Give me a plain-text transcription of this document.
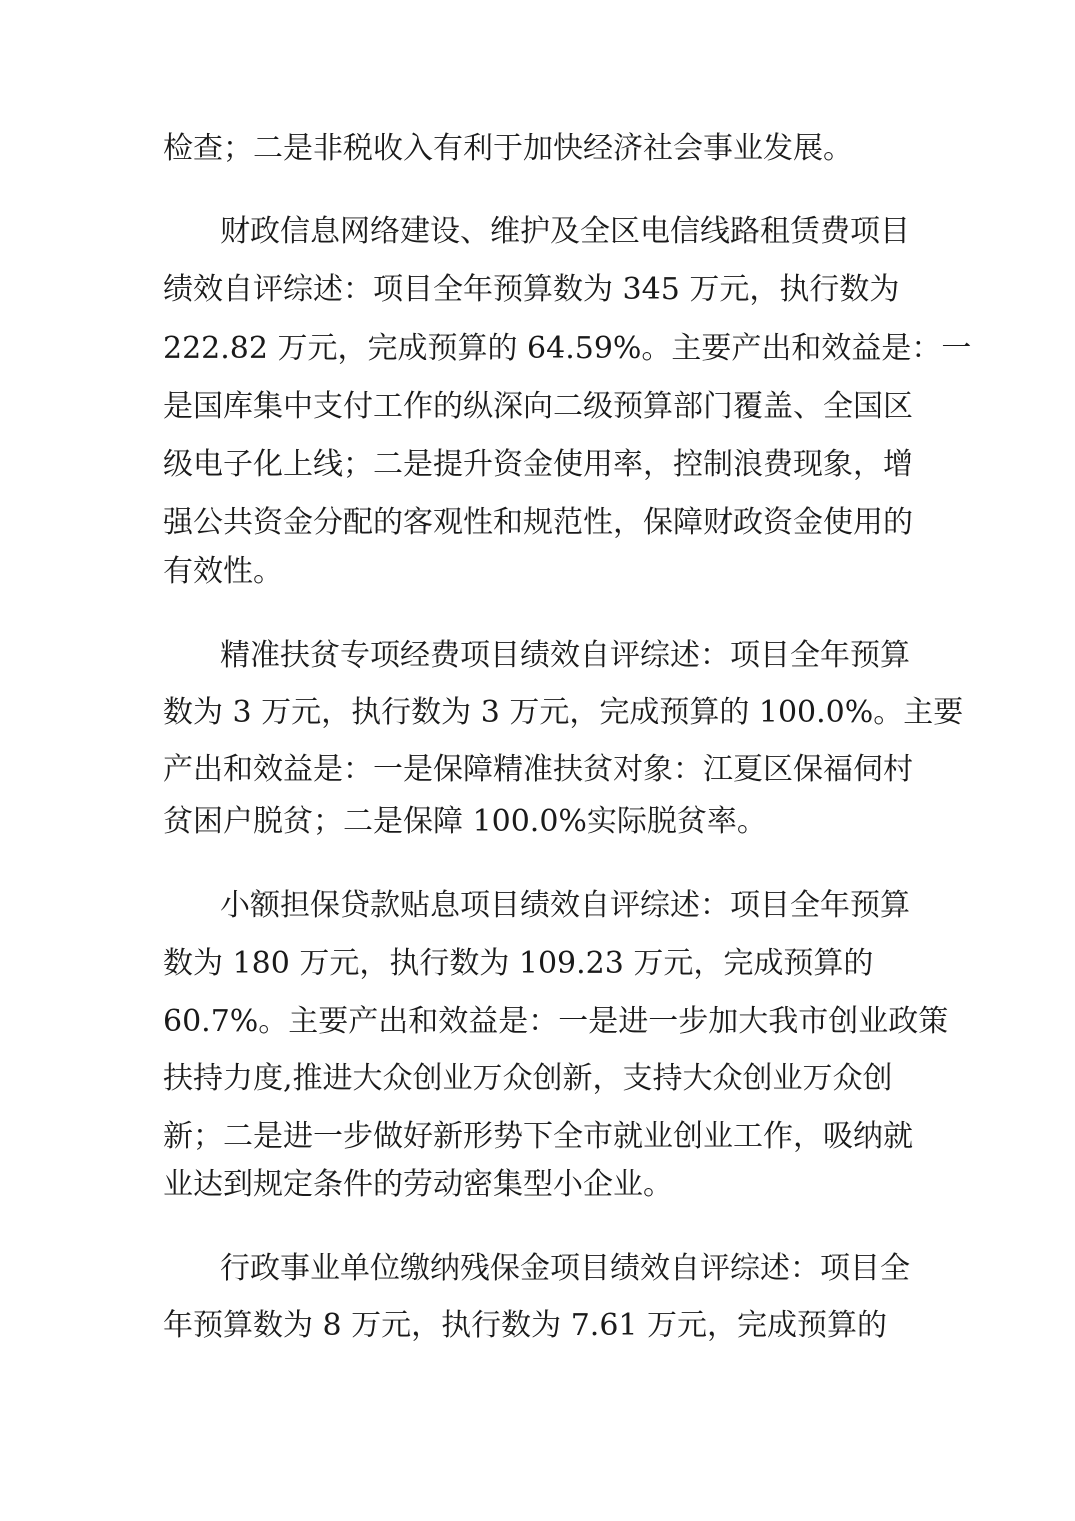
检查；二是非税收入有利于加快经济社会事业发展。
财政信息网络建设、维护及全区电信线路租赁费项目
绩效自评综述：项目全年预算数为 345 万元，执行数为
222.82 万元，完成预算的 64.59%。主要产出和效益是：一
是国库集中支付工作的纵深向二级预算部门覆盖、全国区
级电子化上线；二是提升资金使用率，控制浪费现象，增
强公共资金分配的客观性和规范性，保障财政资金使用的
有效性。
精准扶贫专项经费项目绩效自评综述：项目全年预算
数为 3 万元，执行数为 3 万元，完成预算的 100.0%。主要
产出和效益是：一是保障精准扶贫对象：江夏区保福伺村
贫困户脱贫；二是保障 100.0%实际脱贫率。
小额担保贷款贴息项目绩效自评综述：项目全年预算
数为 180 万元，执行数为 109.23 万元，完成预算的
60.7%。主要产出和效益是：一是进一步加大我市创业政策
扶持力度,推进大众创业万众创新，支持大众创业万众创
新；二是进一步做好新形势下全市就业创业工作，吸纳就
业达到规定条件的劳动密集型小企业。
行政事业单位缴纳残保金项目绩效自评综述：项目全
年预算数为 8 万元，执行数为 7.61 万元，完成预算的
